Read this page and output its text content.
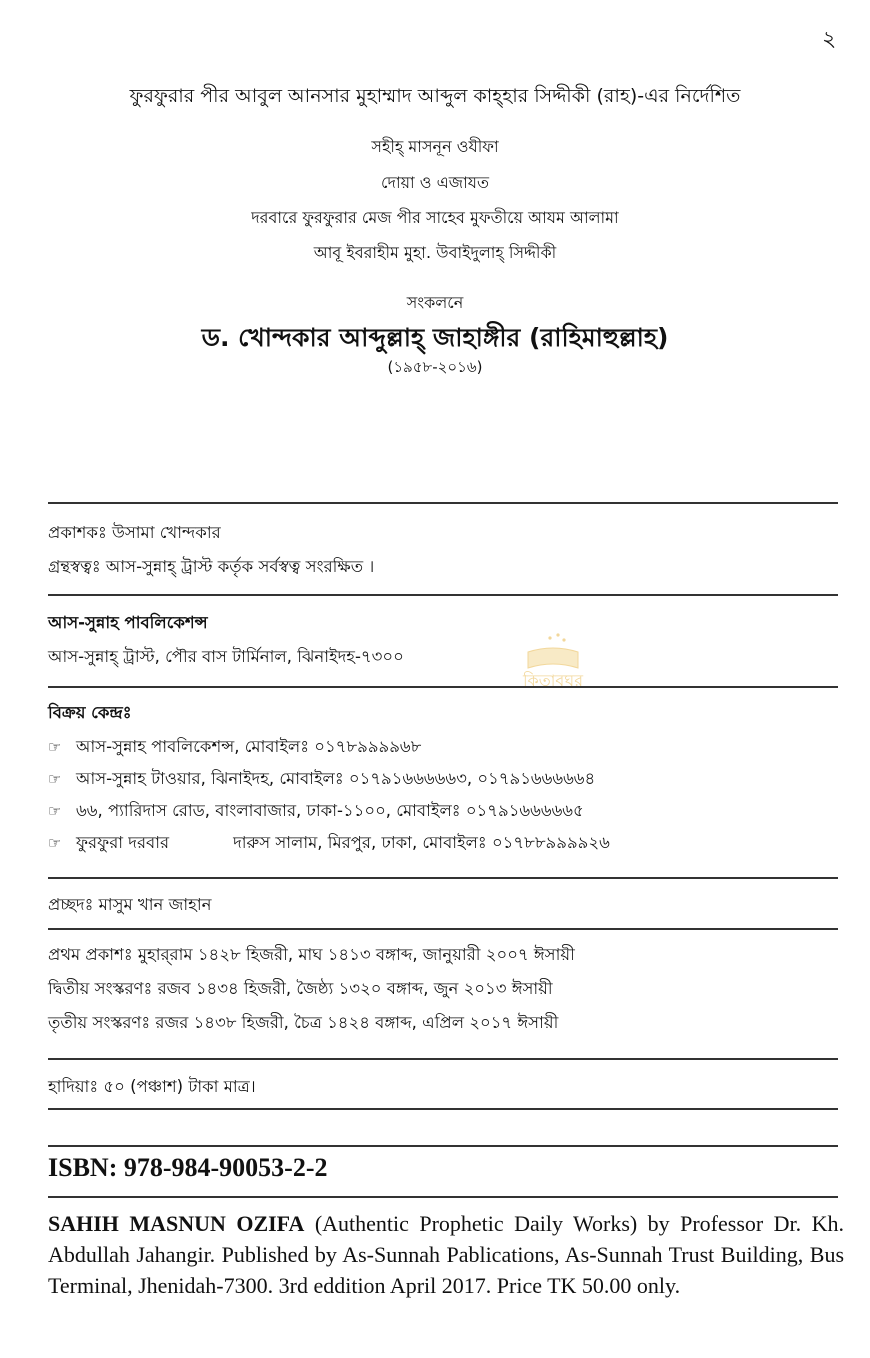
২
ফুরফুরার পীর আবুল আনসার মুহাম্মাদ আব্দুল কাহ্‌হার সিদ্দীকী (রাহ)-এর নির্দেশিত
সহীহ্ মাসনূন ওযীফা
দোয়া ও এজাযত
দরবারে ফুরফুরার মেজ পীর সাহেব মুফতীয়ে আযম আলামা
আবূ ইবরাহীম মুহা. উবাইদুলাহ্ সিদ্দীকী
সংকলনে
ড. খোন্দকার আব্দুল্লাহ্ জাহাঙ্গীর (রাহিমাহুল্লাহ)
(১৯৫৮-২০১৬)
প্রকাশকঃ উসামা খোন্দকার
গ্রন্থস্বত্বঃ আস-সুন্নাহ্ ট্রাস্ট কর্তৃক সর্বস্বত্ব সংরক্ষিত ।
আস-সুন্নাহ পাবলিকেশন্স
আস-সুন্নাহ্ ট্রাস্ট, পৌর বাস টার্মিনাল, ঝিনাইদহ-৭৩০০
কিতাবঘর
বিক্রয় কেন্দ্রঃ
☞ আস-সুন্নাহ পাবলিকেশন্স, মোবাইলঃ ০১৭৮৯৯৯৯৬৮
☞ আস-সুন্নাহ টাওয়ার, ঝিনাইদহ, মোবাইলঃ ০১৭৯১৬৬৬৬৬৩, ০১৭৯১৬৬৬৬৬৪
☞ ৬৬, প্যারিদাস রোড, বাংলাবাজার, ঢাকা-১১০০, মোবাইলঃ ০১৭৯১৬৬৬৬৬৫
☞ ফুরফুরা দরবার	দারুস সালাম, মিরপুর, ঢাকা, মোবাইলঃ ০১৭৮৮৯৯৯৯২৬
প্রচ্ছদঃ মাসুম খান জাহান
প্রথম প্রকাশঃ মুহার্‌রাম ১৪২৮ হিজরী, মাঘ ১৪১৩ বঙ্গাব্দ, জানুয়ারী ২০০৭ ঈসায়ী
দ্বিতীয় সংস্করণঃ রজব ১৪৩৪ হিজরী, জৈষ্ঠ্য ১৩২০ বঙ্গাব্দ, জুন ২০১৩ ঈসায়ী
তৃতীয় সংস্করণঃ রজর ১৪৩৮ হিজরী, চৈত্র ১৪২৪ বঙ্গাব্দ, এপ্রিল ২০১৭ ঈসায়ী
হাদিয়াঃ ৫০ (পঞ্চাশ) টাকা মাত্র।
ISBN: 978-984-90053-2-2
SAHIH MASNUN OZIFA (Authentic Prophetic Daily Works) by Professor Dr. Kh. Abdullah Jahangir. Published by As-Sunnah Pablications, As-Sunnah Trust Building, Bus Terminal, Jhenidah-7300. 3rd eddition April 2017. Price TK 50.00 only.
